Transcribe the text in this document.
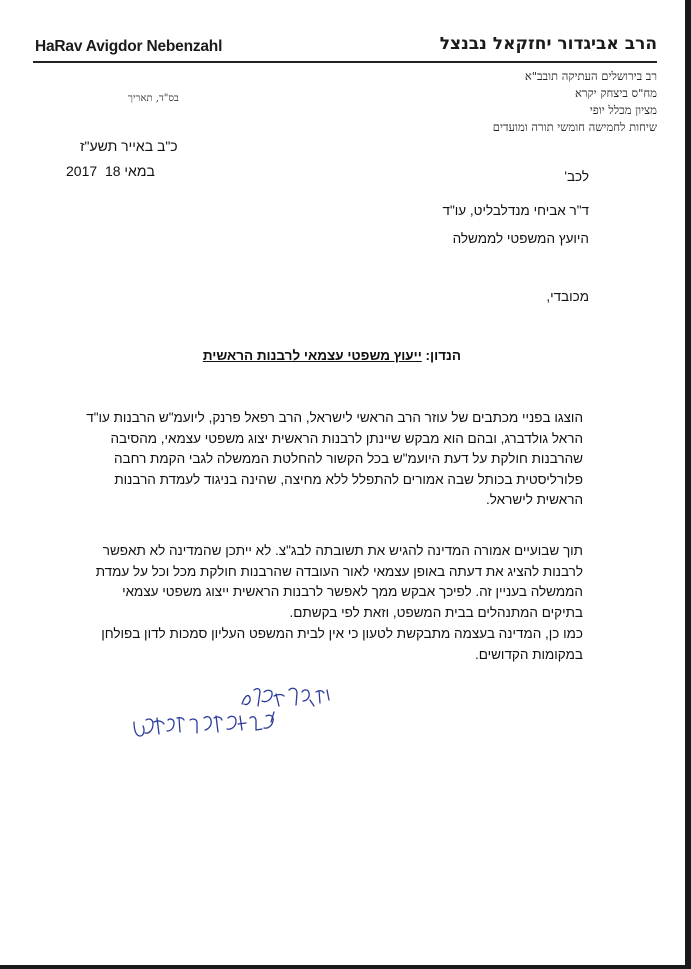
HaRav Avigdor Nebenzahl	הרב אביגדור יחזקאל נבנצל
רב בירושלים העתיקה תובב"א
מח"ס ביצחק יקרא
מציון מכלל יופי
שיחות לחמישה חומשי תורה ומועדים
בס"ד, תאריך
כ"ב באייר תשע"ז
2017 במאי 18	לכב'
ד"ר אביחי מנדלבליט, עו"ד
היועץ המשפטי לממשלה
מכובדי,
הנדון: ייעוץ משפטי עצמאי לרבנות הראשית
הוצגו בפניי מכתבים של עוזר הרב הראשי לישראל, הרב רפאל פרנק, ליועמ"ש הרבנות עו"ד
הראל גולדברג, ובהם הוא מבקש שיינתן לרבנות הראשית יצוג משפטי עצמאי, מהסיבה
שהרבנות חולקת על דעת היועמ"ש בכל הקשור להחלטת הממשלה לגבי הקמת רחבה
פלורליסטית בכותל שבה אמורים להתפלל ללא מחיצה, שהינה בניגוד לעמדת הרבנות
הראשית לישראל.
תוך שבועיים אמורה המדינה להגיש את תשובתה לבג"צ. לא ייתכן שהמדינה לא תאפשר
לרבנות להציג את דעתה באופן עצמאי לאור העובדה שהרבנות חולקת מכל וכל על עמדת
הממשלה בעניין זה. לפיכך אבקש ממך לאפשר לרבנות הראשית ייצוג משפטי עצמאי
בתיקים המתנהלים בבית המשפט, וזאת לפי בקשתם.
כמו כן, המדינה בעצמה מתבקשת לטעון כי אין לבית המשפט העליון סמכות לדון בפולחן
במקומות הקדושים.
